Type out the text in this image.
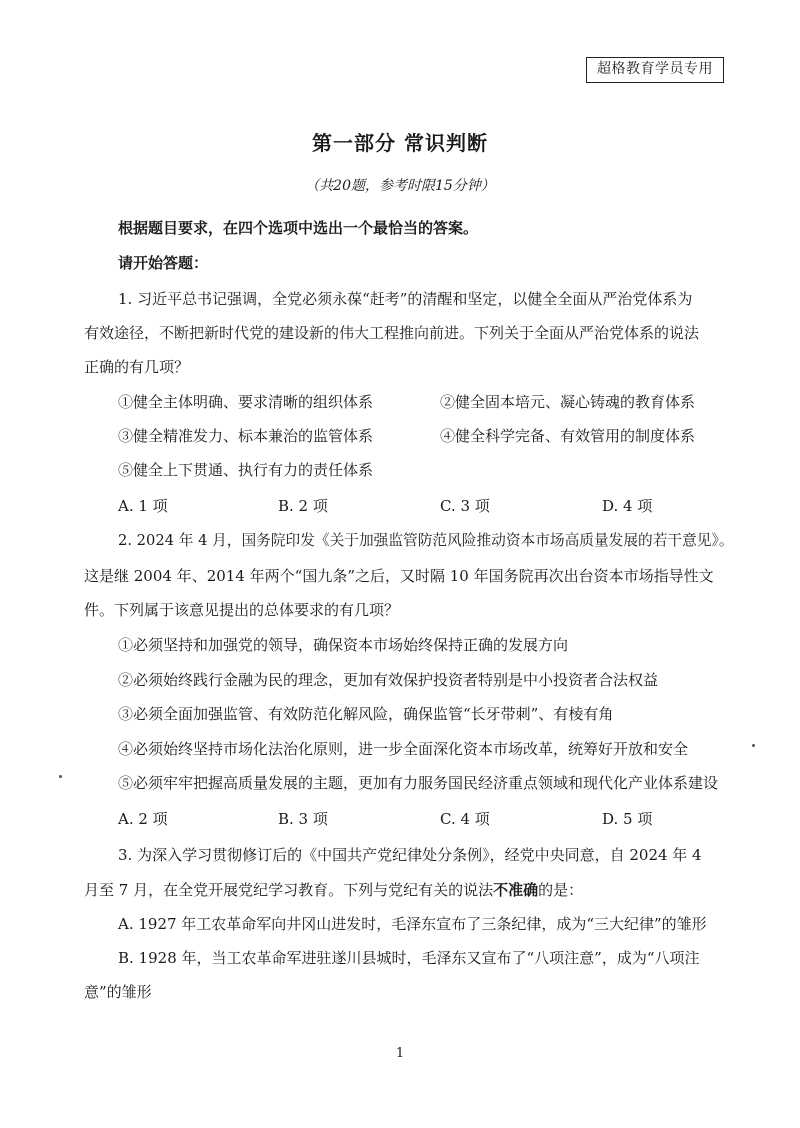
超格教育学员专用
第一部分 常识判断
（共20题，参考时限15分钟）
根据题目要求，在四个选项中选出一个最恰当的答案。
请开始答题：
1. 习近平总书记强调，全党必须永葆“赶考”的清醒和坚定，以健全全面从严治党体系为
有效途径，不断把新时代党的建设新的伟大工程推向前进。下列关于全面从严治党体系的说法
正确的有几项？
①健全主体明确、要求清晰的组织体系	②健全固本培元、凝心铸魂的教育体系
③健全精准发力、标本兼治的监管体系	④健全科学完备、有效管用的制度体系
⑤健全上下贯通、执行有力的责任体系
A. 1 项	B. 2 项	C. 3 项	D. 4 项
2. 2024 年 4 月，国务院印发《关于加强监管防范风险推动资本市场高质量发展的若干意见》。
这是继 2004 年、2014 年两个“国九条”之后，又时隔 10 年国务院再次出台资本市场指导性文
件。下列属于该意见提出的总体要求的有几项？
①必须坚持和加强党的领导，确保资本市场始终保持正确的发展方向
②必须始终践行金融为民的理念，更加有效保护投资者特别是中小投资者合法权益
③必须全面加强监管、有效防范化解风险，确保监管“长牙带刺”、有棱有角
④必须始终坚持市场化法治化原则，进一步全面深化资本市场改革，统筹好开放和安全
⑤必须牢牢把握高质量发展的主题，更加有力服务国民经济重点领域和现代化产业体系建设
A. 2 项	B. 3 项	C. 4 项	D. 5 项
3. 为深入学习贯彻修订后的《中国共产党纪律处分条例》，经党中央同意，自 2024 年 4
月至 7 月，在全党开展党纪学习教育。下列与党纪有关的说法不准确的是：
A. 1927 年工农革命军向井冈山进发时，毛泽东宣布了三条纪律，成为“三大纪律”的雏形
B. 1928 年，当工农革命军进驻遂川县城时，毛泽东又宣布了“八项注意”，成为“八项注
意”的雏形
1
